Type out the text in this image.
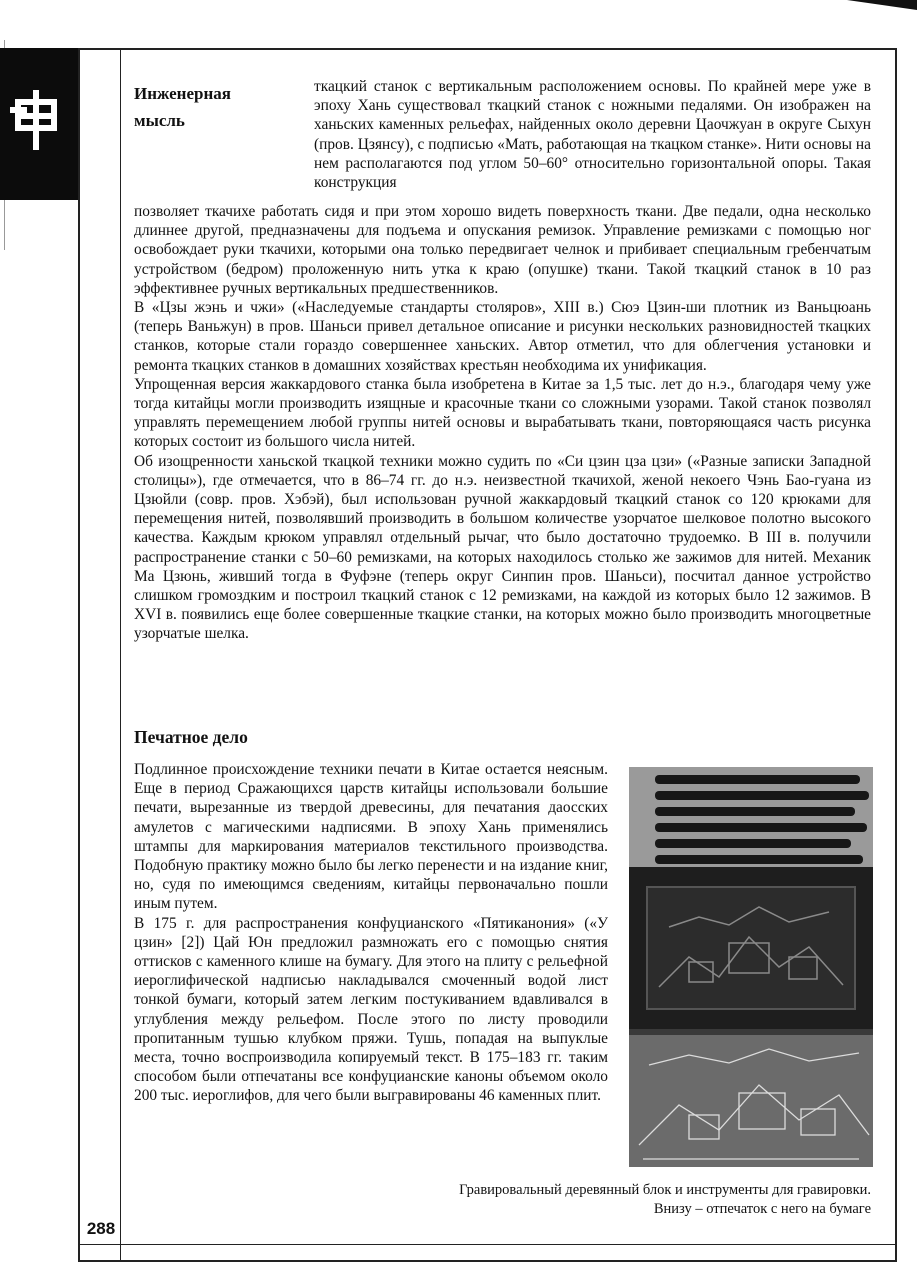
288
Инженерная
мысль
ткацкий станок с вертикальным расположением основы. По крайней мере уже в эпоху Хань существовал ткацкий станок с ножными педалями. Он изображен на ханьских каменных рельефах, найденных около деревни Цаочжуан в округе Сыхун (пров. Цзянсу), с подписью «Мать, работающая на ткацком станке». Нити основы на нем располагаются под углом 50–60° относительно горизонтальной опоры. Такая конструкция

позволяет ткачихе работать сидя и при этом хорошо видеть поверхность ткани. Две педали, одна несколько длиннее другой, предназначены для подъема и опускания ремизок. Управление ремизками с помощью ног освобождает руки ткачихи, которыми она только передвигает челнок и прибивает специальным гребенчатым устройством (бедром) проложенную нить утка к краю (опушке) ткани. Такой ткацкий станок в 10 раз эффективнее ручных вертикальных предшественников.

В «Цзы жэнь и чжи» («Наследуемые стандарты столяров», XIII в.) Сюэ Цзин-ши плотник из Ваньцюань (теперь Ваньжун) в пров. Шаньси привел детальное описание и рисунки нескольких разновидностей ткацких станков, которые стали гораздо совершеннее ханьских. Автор отметил, что для облегчения установки и ремонта ткацких станков в домашних хозяйствах крестьян необходима их унификация.

Упрощенная версия жаккардового станка была изобретена в Китае за 1,5 тыс. лет до н.э., благодаря чему уже тогда китайцы могли производить изящные и красочные ткани со сложными узорами. Такой станок позволял управлять перемещением любой группы нитей основы и вырабатывать ткани, повторяющаяся часть рисунка которых состоит из большого числа нитей.

Об изощренности ханьской ткацкой техники можно судить по «Си цзин цза цзи» («Разные записки Западной столицы»), где отмечается, что в 86–74 гг. до н.э. неизвестной ткачихой, женой некоего Чэнь Бао-гуана из Цзюйли (совр. пров. Хэбэй), был использован ручной жаккардовый ткацкий станок со 120 крюками для перемещения нитей, позволявший производить в большом количестве узорчатое шелковое полотно высокого качества. Каждым крюком управлял отдельный рычаг, что было достаточно трудоемко. В III в. получили распространение станки с 50–60 ремизками, на которых находилось столько же зажимов для нитей. Механик Ма Цзюнь, живший тогда в Фуфэне (теперь округ Синпин пров. Шаньси), посчитал данное устройство слишком громоздким и построил ткацкий станок с 12 ремизками, на каждой из которых было 12 зажимов. В XVI в. появились еще более совершенные ткацкие станки, на которых можно было производить многоцветные узорчатые шелка.

Печатное дело

Подлинное происхождение техники печати в Китае остается неясным. Еще в период Сражающихся царств китайцы использовали большие печати, вырезанные из твердой древесины, для печатания даосских амулетов с магическими надписями. В эпоху Хань применялись штампы для маркирования материалов текстильного производства. Подобную практику можно было бы легко перенести и на издание книг, но, судя по имеющимся сведениям, китайцы первоначально пошли иным путем.

В 175 г. для распространения конфуцианского «Пятиканония» («У цзин» [2]) Цай Юн предложил размножать его с помощью снятия оттисков с каменного клише на бумагу. Для этого на плиту с рельефной иероглифической надписью накладывался смоченный водой лист тонкой бумаги, который затем легким постукиванием вдавливался в углубления между рельефом. После этого по листу проводили пропитанным тушью клубком пряжи. Тушь, попадая на выпуклые места, точно воспроизводила копируемый текст. В 175–183 гг. таким способом были отпечатаны все конфуцианские каноны объемом около 200 тыс. иероглифов, для чего были выгравированы 46 каменных плит.

Гравировальный деревянный блок и инструменты для гравировки.
Внизу – отпечаток с него на бумаге
